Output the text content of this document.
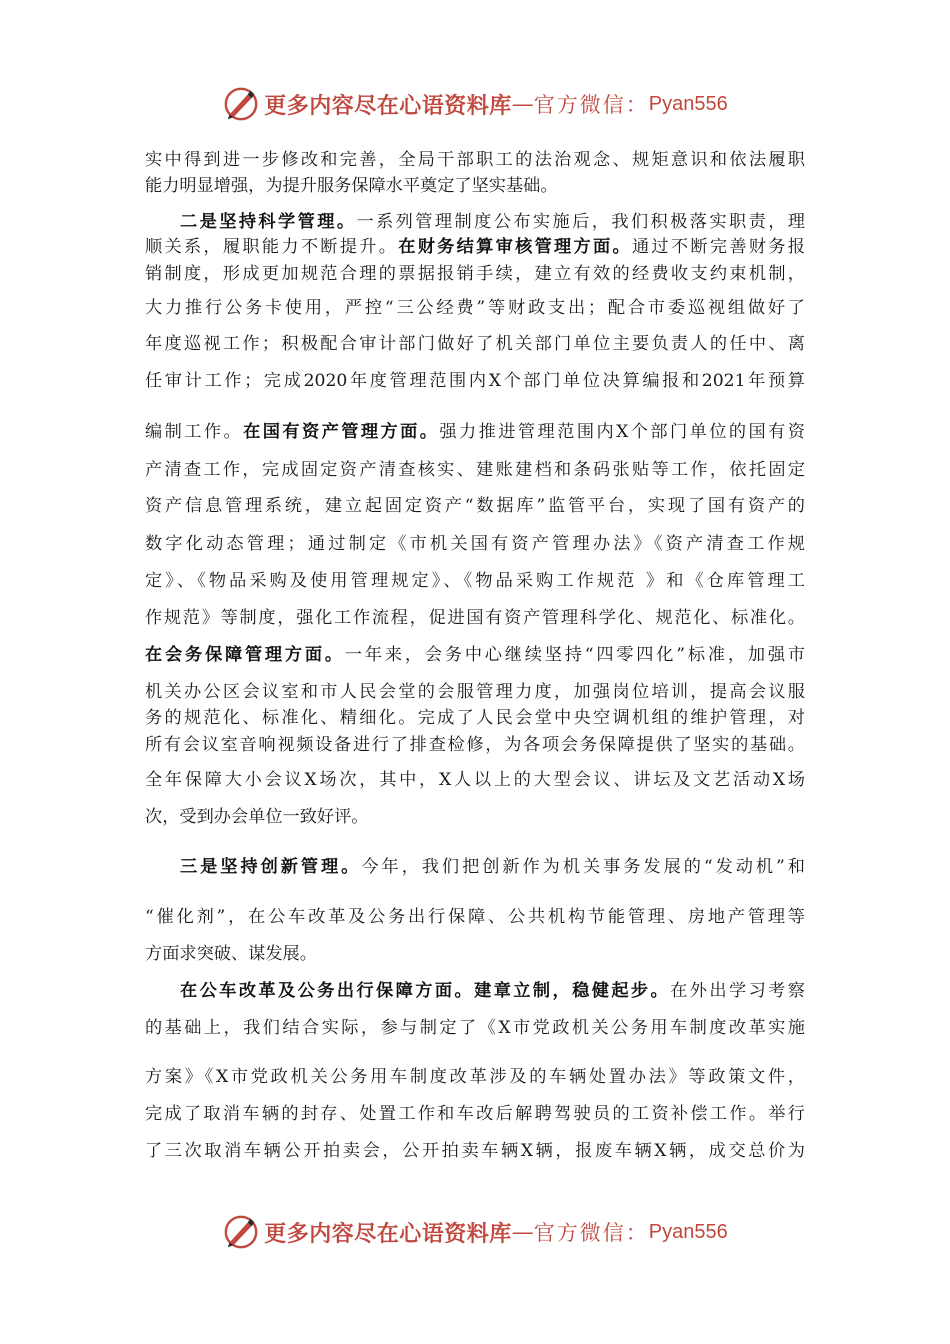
更多内容尽在心语资料库 — 官方微信： Pyan556
实中得到进一步修改和完善，全局干部职工的法治观念、规矩意识和依法履职
能力明显增强，为提升服务保障水平奠定了坚实基础。
二是坚持科学管理。一系列管理制度公布实施后，我们积极落实职责，理
顺关系，履职能力不断提升。在财务结算审核管理方面。通过不断完善财务报
销制度，形成更加规范合理的票据报销手续，建立有效的经费收支约束机制，
大力推行公务卡使用，严控“三公经费”等财政支出；配合市委巡视组做好了
年度巡视工作；积极配合审计部门做好了机关部门单位主要负责人的任中、离
任审计工作；完成2020年度管理范围内X个部门单位决算编报和2021年预算
编制工作。在国有资产管理方面。强力推进管理范围内X个部门单位的国有资
产清查工作，完成固定资产清查核实、建账建档和条码张贴等工作，依托固定
资产信息管理系统，建立起固定资产“数据库”监管平台，实现了国有资产的
数字化动态管理；通过制定《市机关国有资产管理办法》《资产清查工作规
定》、《物品采购及使用管理规定》、《物品采购工作规范 》和《仓库管理工
作规范》等制度，强化工作流程，促进国有资产管理科学化、规范化、标准化。
在会务保障管理方面。一年来，会务中心继续坚持“四零四化”标准，加强市
机关办公区会议室和市人民会堂的会服管理力度，加强岗位培训，提高会议服
务的规范化、标准化、精细化。完成了人民会堂中央空调机组的维护管理，对
所有会议室音响视频设备进行了排查检修，为各项会务保障提供了坚实的基础。
全年保障大小会议X场次，其中，X人以上的大型会议、讲坛及文艺活动X场
次，受到办会单位一致好评。
三是坚持创新管理。今年，我们把创新作为机关事务发展的“发动机”和
“催化剂”，在公车改革及公务出行保障、公共机构节能管理、房地产管理等
方面求突破、谋发展。
在公车改革及公务出行保障方面。建章立制，稳健起步。在外出学习考察
的基础上，我们结合实际，参与制定了《X市党政机关公务用车制度改革实施
方案》《X市党政机关公务用车制度改革涉及的车辆处置办法》等政策文件，
完成了取消车辆的封存、处置工作和车改后解聘驾驶员的工资补偿工作。举行
了三次取消车辆公开拍卖会，公开拍卖车辆X辆，报废车辆X辆，成交总价为
更多内容尽在心语资料库 — 官方微信： Pyan556
